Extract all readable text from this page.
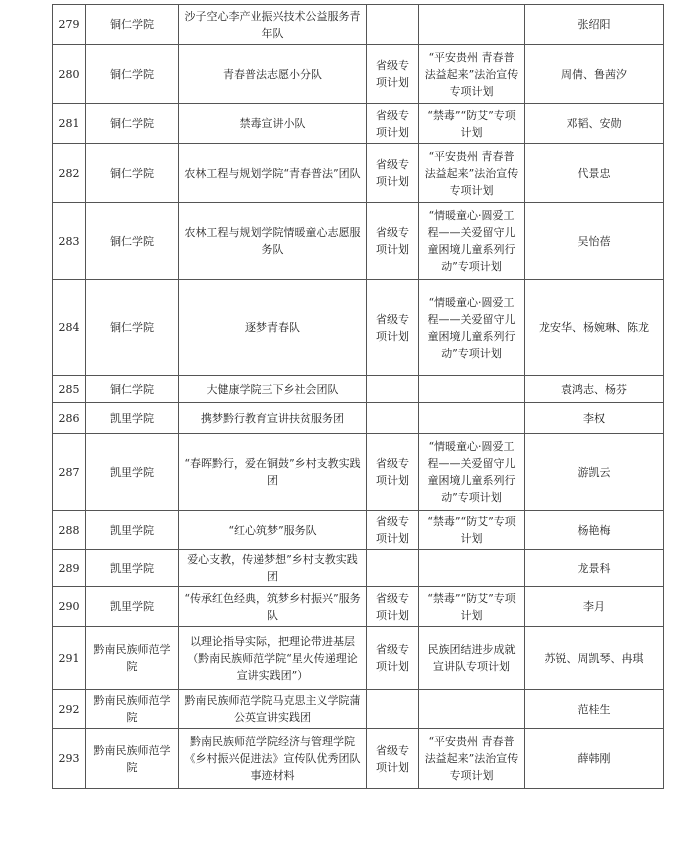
279	铜仁学院	沙子空心李产业振兴技术公益服务青年队			张绍阳
280	铜仁学院	青春普法志愿小分队	省级专项计划	“平安贵州 青春普法益起来”法治宣传专项计划	周倩、鲁茜汐
281	铜仁学院	禁毒宣讲小队	省级专项计划	“禁毒”“防艾”专项计划	邓韬、安勋
282	铜仁学院	农林工程与规划学院“青春普法”团队	省级专项计划	“平安贵州 青春普法益起来”法治宣传专项计划	代景忠
283	铜仁学院	农林工程与规划学院情暖童心志愿服务队	省级专项计划	“情暖童心·圆爱工程——关爱留守儿童困境儿童系列行动”专项计划	吴怡蓓
284	铜仁学院	逐梦青春队	省级专项计划	“情暖童心·圆爱工程——关爱留守儿童困境儿童系列行动”专项计划	龙安华、杨婉琳、陈龙
285	铜仁学院	大健康学院三下乡社会团队			袁鸿志、杨芬
286	凯里学院	携梦黔行教育宣讲扶贫服务团			李权
287	凯里学院	“春晖黔行，爱在铜鼓”乡村支教实践团	省级专项计划	“情暖童心·圆爱工程——关爱留守儿童困境儿童系列行动”专项计划	游凯云
288	凯里学院	“红心筑梦”服务队	省级专项计划	“禁毒”“防艾”专项计划	杨艳梅
289	凯里学院	爱心支教，传递梦想”乡村支教实践团			龙景科
290	凯里学院	“传承红色经典，筑梦乡村振兴”服务队	省级专项计划	“禁毒”“防艾”专项计划	李月
291	黔南民族师范学院	以理论指导实际，把理论带进基层（黔南民族师范学院“星火传递理论宣讲实践团”）	省级专项计划	民族团结进步成就宣讲队专项计划	苏锐、周凯琴、冉琪
292	黔南民族师范学院	黔南民族师范学院马克思主义学院蒲公英宣讲实践团			范桂生
293	黔南民族师范学院	黔南民族师范学院经济与管理学院《乡村振兴促进法》宣传队优秀团队事迹材料	省级专项计划	“平安贵州 青春普法益起来”法治宣传专项计划	薛韩刚
